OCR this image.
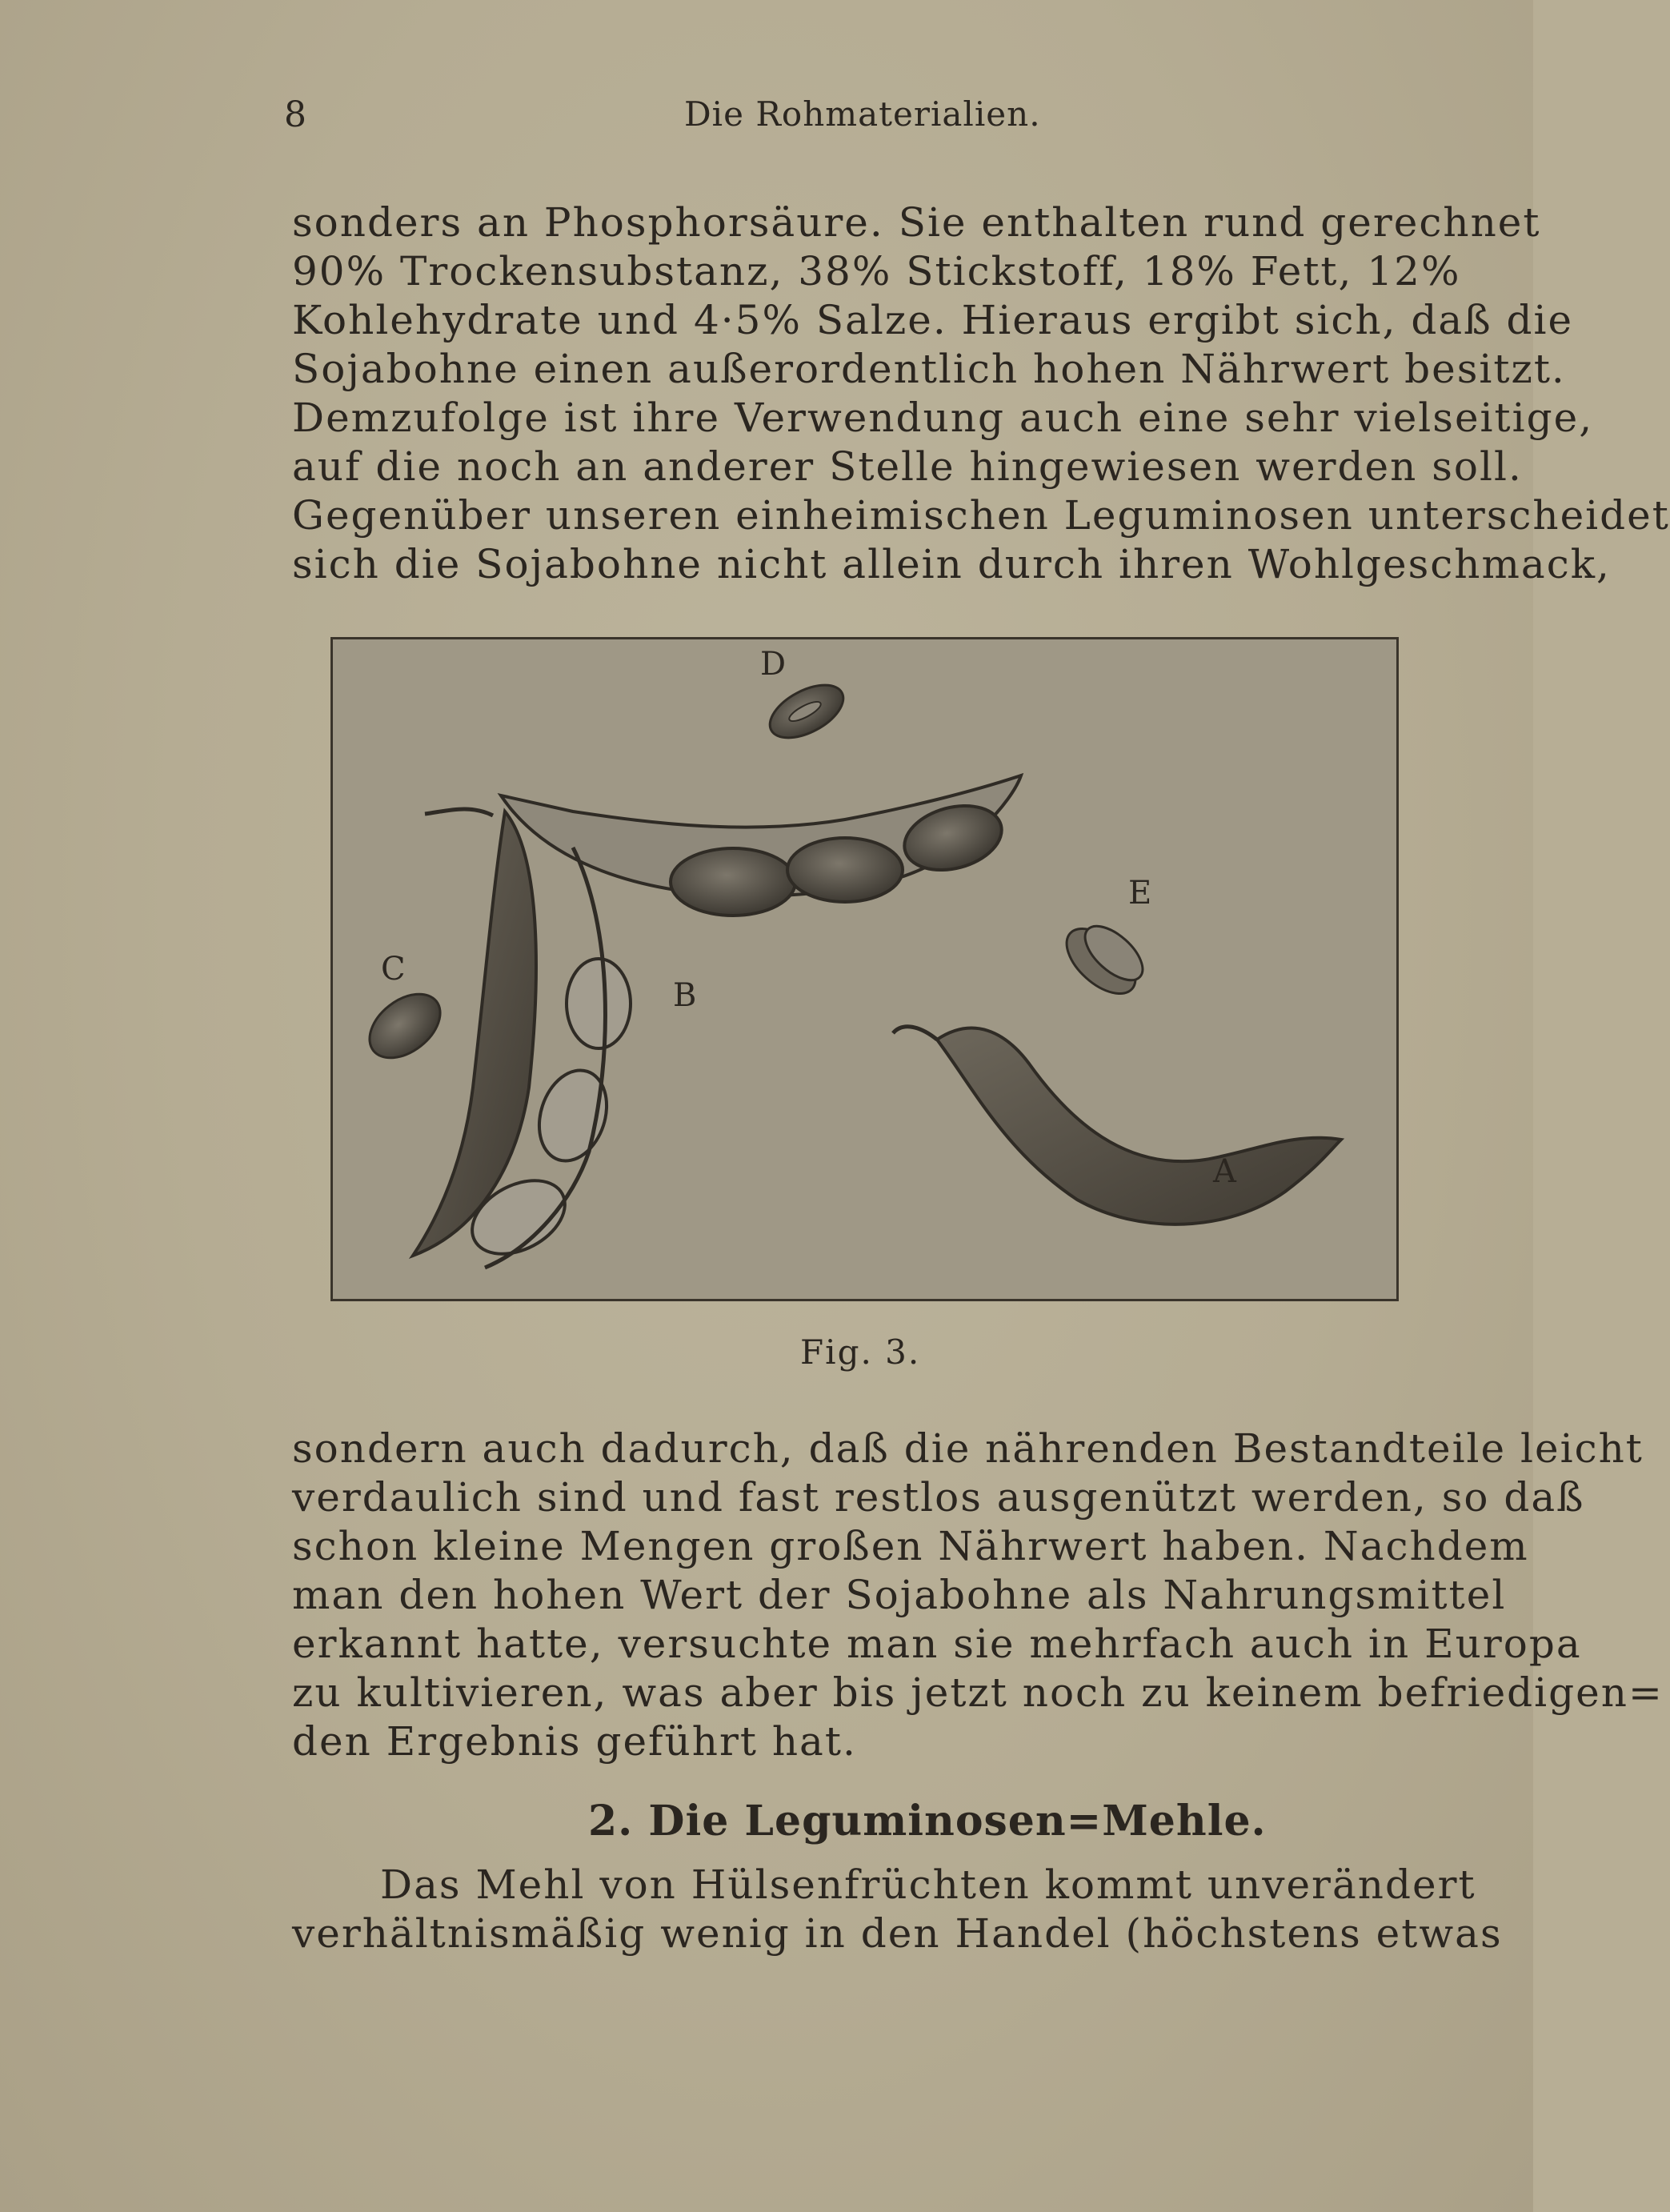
8	Die Rohmaterialien.
sonders an Phosphorsäure. Sie enthalten rund gerechnet
90% Trockensubstanz, 38% Stickstoff, 18% Fett, 12%
Kohlehydrate und 4·5% Salze. Hieraus ergibt sich, daß die
Sojabohne einen außerordentlich hohen Nährwert besitzt.
Demzufolge ist ihre Verwendung auch eine sehr vielseitige,
auf die noch an anderer Stelle hingewiesen werden soll.
Gegenüber unseren einheimischen Leguminosen unterscheidet
sich die Sojabohne nicht allein durch ihren Wohlgeschmack,
A
B
C
D
E
Fig. 3.
sondern auch dadurch, daß die nährenden Bestandteile leicht
verdaulich sind und fast restlos ausgenützt werden, so daß
schon kleine Mengen großen Nährwert haben. Nachdem
man den hohen Wert der Sojabohne als Nahrungsmittel
erkannt hatte, versuchte man sie mehrfach auch in Europa
zu kultivieren, was aber bis jetzt noch zu keinem befriedigen=
den Ergebnis geführt hat.
2. Die Leguminosen=Mehle.
Das Mehl von Hülsenfrüchten kommt unverändert
verhältnismäßig wenig in den Handel (höchstens etwas
